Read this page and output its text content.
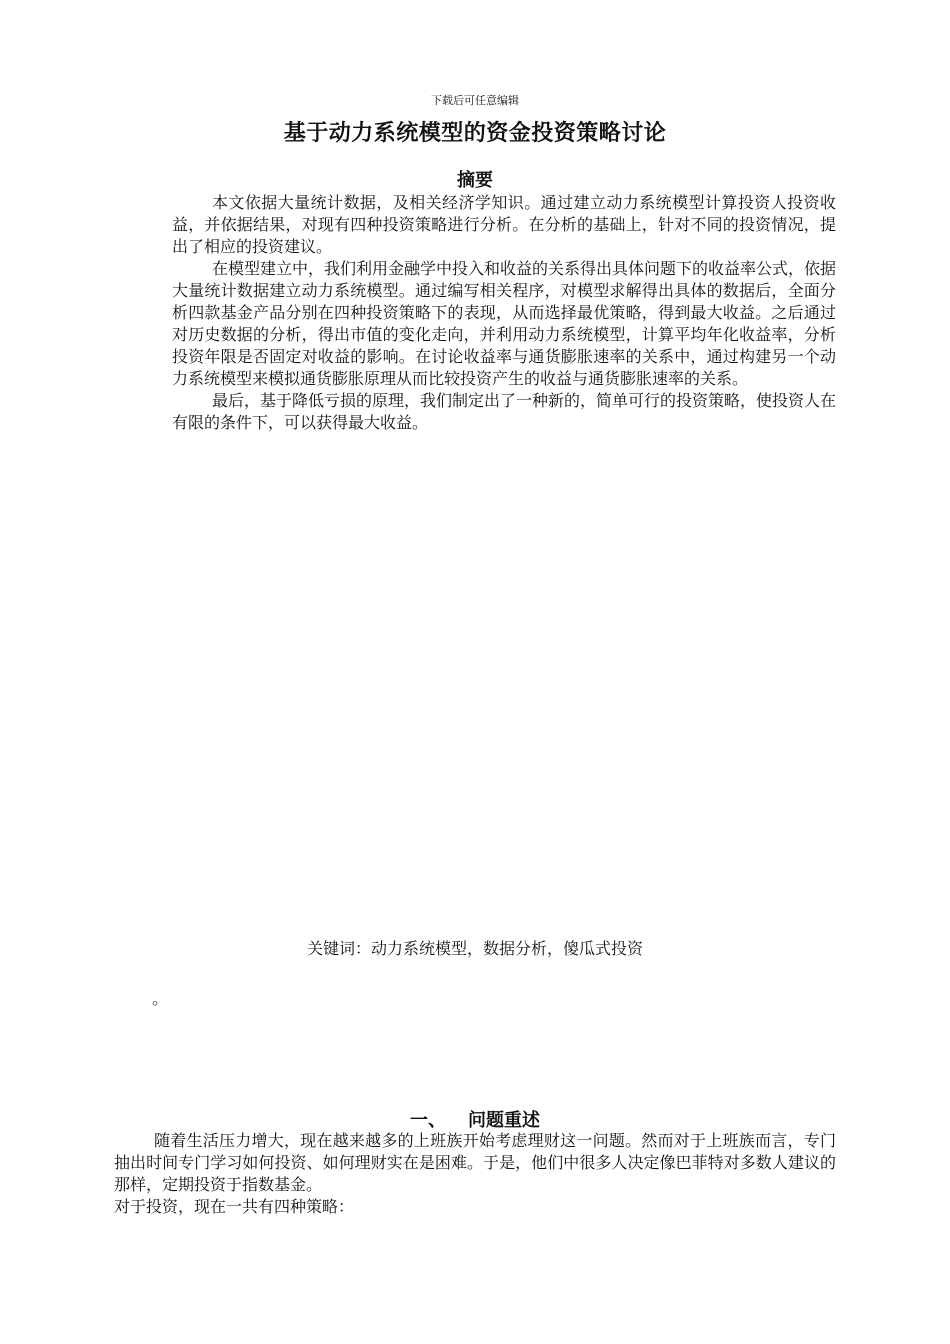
下载后可任意编辑
基于动力系统模型的资金投资策略讨论
摘要

本文依据大量统计数据，及相关经济学知识。通过建立动力系统模型计算投资人投资收益，并依据结果，对现有四种投资策略进行分析。在分析的基础上，针对不同的投资情况，提出了相应的投资建议。

在模型建立中，我们利用金融学中投入和收益的关系得出具体问题下的收益率公式，依据大量统计数据建立动力系统模型。通过编写相关程序，对模型求解得出具体的数据后，全面分析四款基金产品分别在四种投资策略下的表现，从而选择最优策略，得到最大收益。之后通过对历史数据的分析，得出市值的变化走向，并利用动力系统模型，计算平均年化收益率，分析投资年限是否固定对收益的影响。在讨论收益率与通货膨胀速率的关系中，通过构建另一个动力系统模型来模拟通货膨胀原理从而比较投资产生的收益与通货膨胀速率的关系。

最后，基于降低亏损的原理，我们制定出了一种新的，简单可行的投资策略，使投资人在有限的条件下，可以获得最大收益。

关键词：动力系统模型，数据分析，傻瓜式投资
。
一、 问题重述

随着生活压力增大，现在越来越多的上班族开始考虑理财这一问题。然而对于上班族而言，专门抽出时间专门学习如何投资、如何理财实在是困难。于是，他们中很多人决定像巴菲特对多数人建议的那样，定期投资于指数基金。

对于投资，现在一共有四种策略：
